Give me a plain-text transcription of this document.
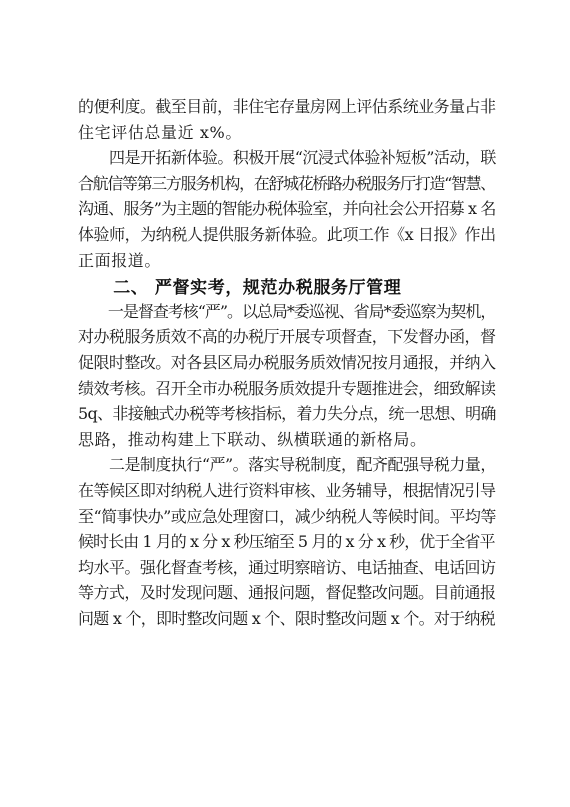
的便利度。截至目前，非住宅存量房网上评估系统业务量占非
住宅评估总量近 x%。
　　四是开拓新体验。积极开展“沉浸式体验补短板”活动，联
合航信等第三方服务机构，在舒城花桥路办税服务厅打造“智慧、
沟通、服务”为主题的智能办税体验室，并向社会公开招募 x 名
体验师，为纳税人提供服务新体验。此项工作《x 日报》作出
正面报道。
　　二、 严督实考，规范办税服务厅管理
　　一是督查考核“严”。以总局*委巡视、省局*委巡察为契机，
对办税服务质效不高的办税厅开展专项督查，下发督办函，督
促限时整改。对各县区局办税服务质效情况按月通报，并纳入
绩效考核。召开全市办税服务质效提升专题推进会，细致解读
5q、非接触式办税等考核指标，着力失分点，统一思想、明确
思路，推动构建上下联动、纵横联通的新格局。
　　二是制度执行“严”。落实导税制度，配齐配强导税力量，
在等候区即对纳税人进行资料审核、业务辅导，根据情况引导
至“简事快办”或应急处理窗口，减少纳税人等候时间。平均等
候时长由 1 月的 x 分 x 秒压缩至 5 月的 x 分 x 秒，优于全省平
均水平。强化督查考核，通过明察暗访、电话抽查、电话回访
等方式，及时发现问题、通报问题，督促整改问题。目前通报
问题 x 个，即时整改问题 x 个、限时整改问题 x 个。对于纳税
